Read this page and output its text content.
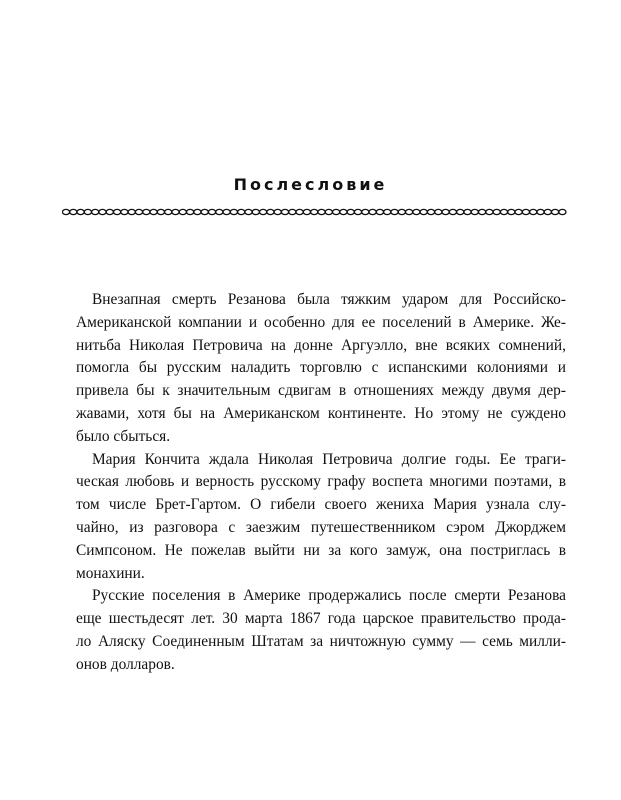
Послесловие
Внезапная смерть Резанова была тяжким ударом для Российско-
Американской компании и особенно для ее поселений в Америке. Же-
нитьба Николая Петровича на донне Аргуэлло, вне всяких сомнений,
помогла бы русским наладить торговлю с испанскими колониями и
привела бы к значительным сдвигам в отношениях между двумя дер-
жавами, хотя бы на Американском континенте. Но этому не суждено
было сбыться.
Мария Кончита ждала Николая Петровича долгие годы. Ее траги-
ческая любовь и верность русскому графу воспета многими поэтами, в
том числе Брет-Гартом. О гибели своего жениха Мария узнала слу-
чайно, из разговора с заезжим путешественником сэром Джорджем
Симпсоном. Не пожелав выйти ни за кого замуж, она постриглась в
монахини.
Русские поселения в Америке продержались после смерти Резанова
еще шестьдесят лет. 30 марта 1867 года царское правительство прода-
ло Аляску Соединенным Штатам за ничтожную сумму — семь милли-
онов долларов.
